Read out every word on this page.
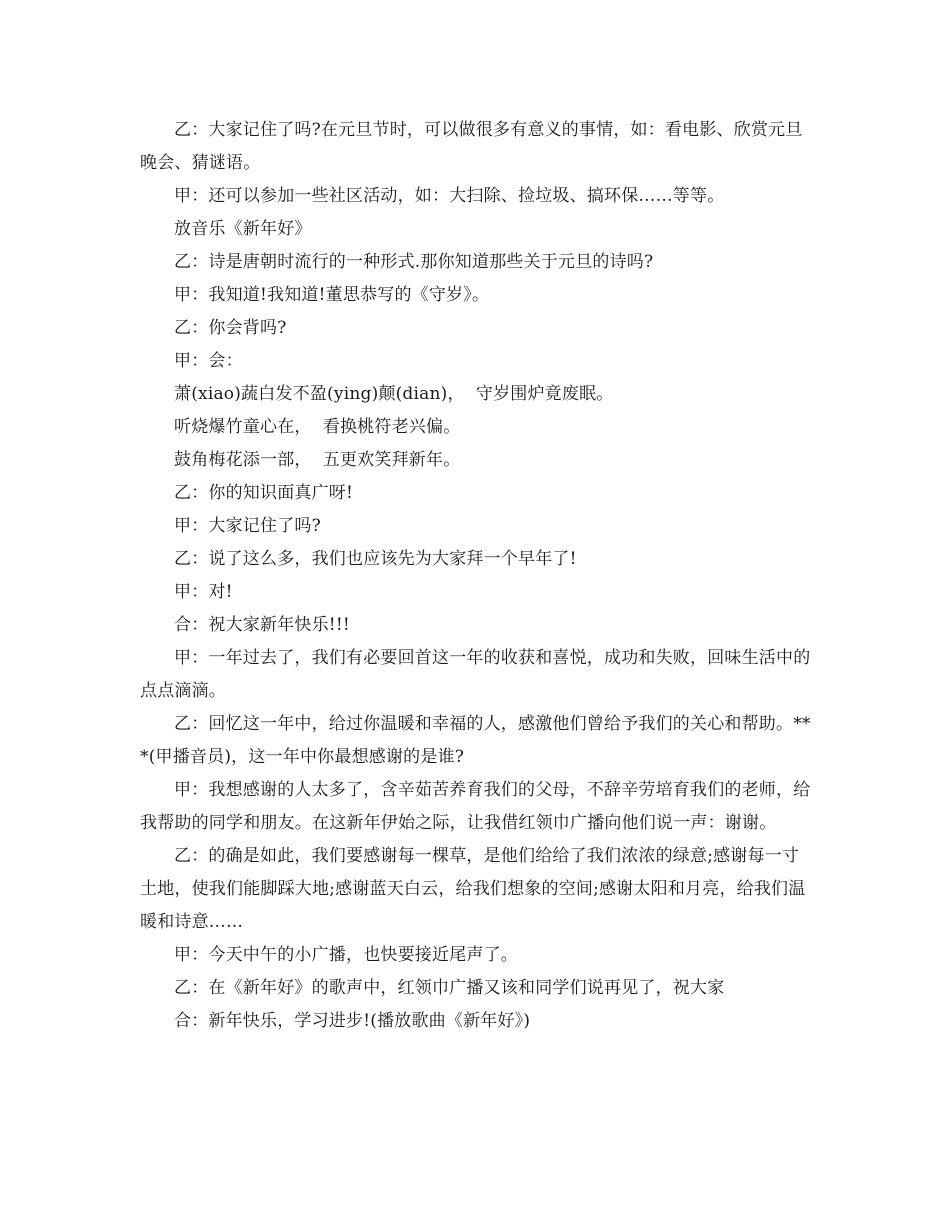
乙：大家记住了吗?在元旦节时，可以做很多有意义的事情，如：看电影、欣赏元旦晚会、猜谜语。

甲：还可以参加一些社区活动，如：大扫除、捡垃圾、搞环保……等等。

放音乐《新年好》

乙：诗是唐朝时流行的一种形式.那你知道那些关于元旦的诗吗?

甲：我知道!我知道!董思恭写的《守岁》。

乙：你会背吗?

甲：会：

萧(xiao)蔬白发不盈(ying)颠(dian)，  守岁围炉竟废眠。

听烧爆竹童心在，  看换桃符老兴偏。

鼓角梅花添一部，  五更欢笑拜新年。

乙：你的知识面真广呀!

甲：大家记住了吗?

乙：说了这么多，我们也应该先为大家拜一个早年了!

甲：对!

合：祝大家新年快乐!!!

甲：一年过去了，我们有必要回首这一年的收获和喜悦，成功和失败，回味生活中的点点滴滴。

乙：回忆这一年中，给过你温暖和幸福的人，感激他们曾给予我们的关心和帮助。***(甲播音员)，这一年中你最想感谢的是谁?

甲：我想感谢的人太多了，含辛茹苦养育我们的父母，不辞辛劳培育我们的老师，给我帮助的同学和朋友。在这新年伊始之际，让我借红领巾广播向他们说一声：谢谢。

乙：的确是如此，我们要感谢每一棵草，是他们给给了我们浓浓的绿意;感谢每一寸土地，使我们能脚踩大地;感谢蓝天白云，给我们想象的空间;感谢太阳和月亮，给我们温暖和诗意……

甲：今天中午的小广播，也快要接近尾声了。

乙：在《新年好》的歌声中，红领巾广播又该和同学们说再见了，祝大家

合：新年快乐，学习进步!(播放歌曲《新年好》)
